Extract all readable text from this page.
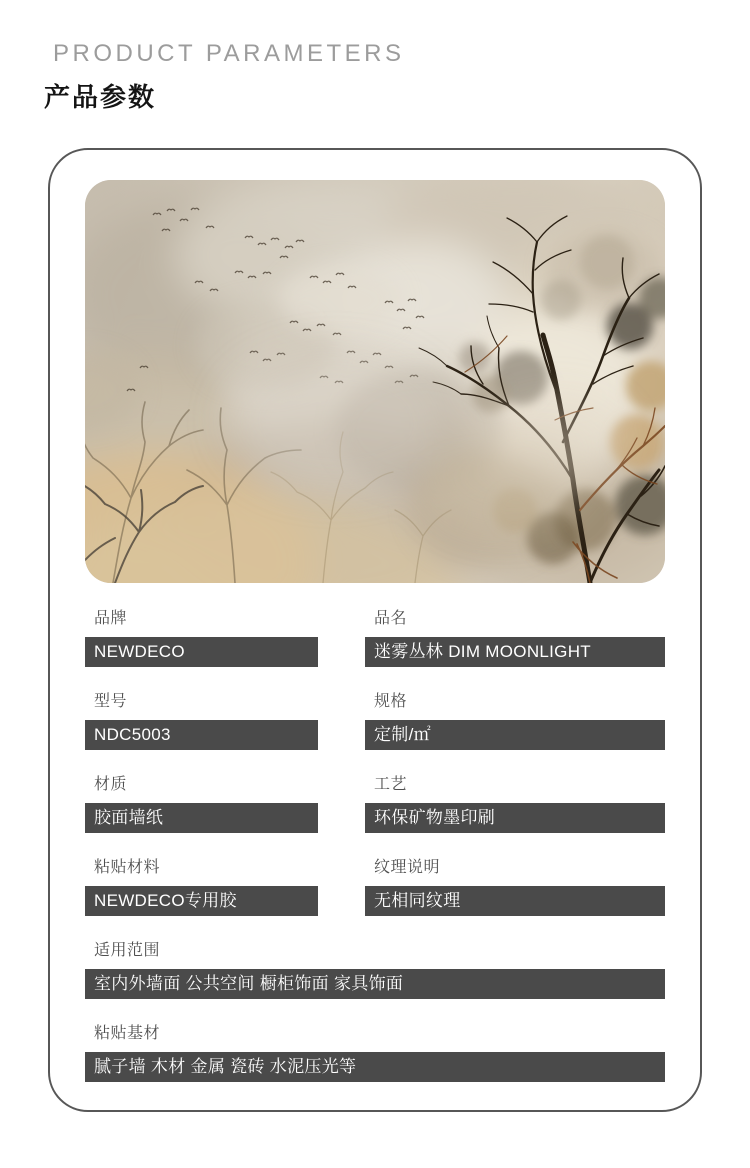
PRODUCT PARAMETERS
产品参数
品牌
NEWDECO
品名
迷雾丛林 DIM MOONLIGHT
型号
NDC5003
规格
定制/㎡
材质
胶面墙纸
工艺
环保矿物墨印刷
粘贴材料
NEWDECO专用胶
纹理说明
无相同纹理
适用范围
室内外墙面 公共空间 橱柜饰面 家具饰面
粘贴基材
腻子墙 木材 金属 瓷砖 水泥压光等
